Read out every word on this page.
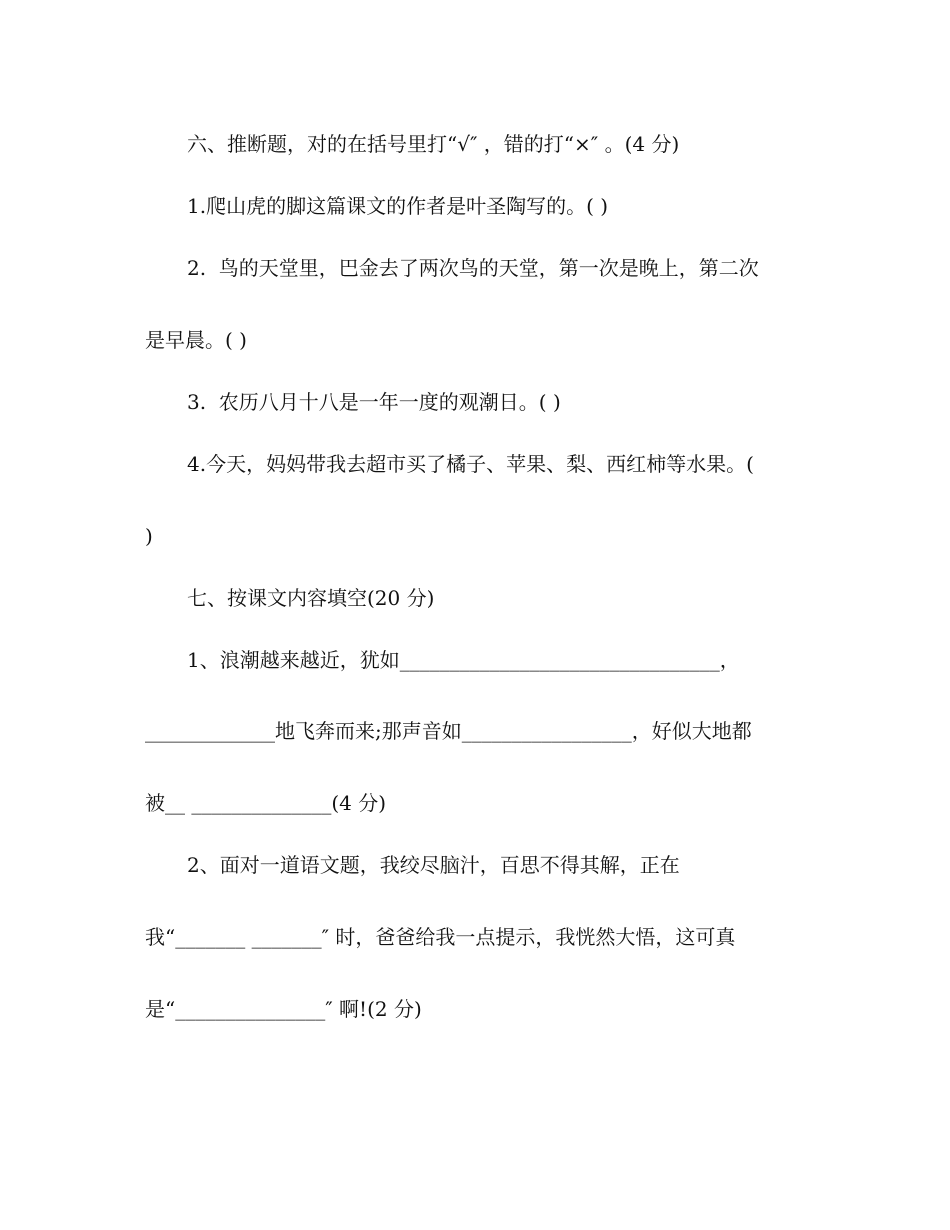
六、推断题，对的在括号里打“√″ ，错的打“×″ 。(4 分)

1.爬山虎的脚这篇课文的作者是叶圣陶写的。( )

2.  鸟的天堂里，巴金去了两次鸟的天堂，第一次是晚上，第二次

是早晨。( )

3.  农历八月十八是一年一度的观潮日。( )

4.今天，妈妈带我去超市买了橘子、苹果、梨、西红柿等水果。(

)

七、按课文内容填空(20 分)

1、浪潮越来越近，犹如________________________________，

_____________地飞奔而来;那声音如_________________，好似大地都

被__ ______________(4 分)

2、面对一道语文题，我绞尽脑汁，百思不得其解，正在

我“_______ _______″ 时，爸爸给我一点提示，我恍然大悟，这可真

是“_______________″ 啊!(2 分)
